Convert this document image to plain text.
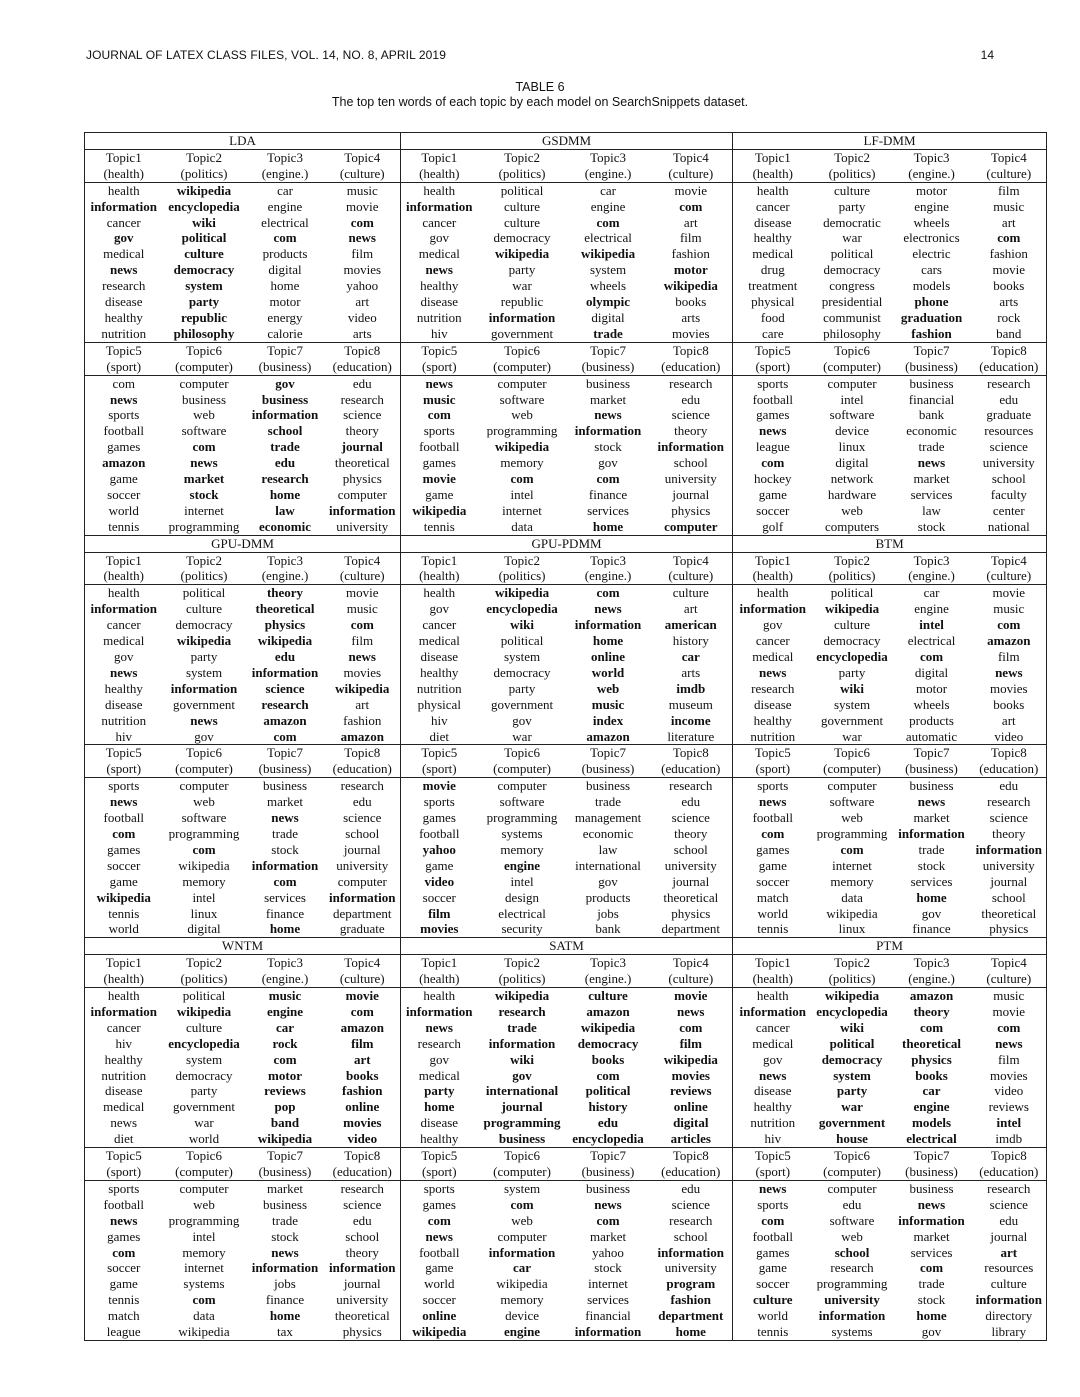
JOURNAL OF LATEX CLASS FILES, VOL. 14, NO. 8, APRIL 2019	14
TABLE 6
The top ten words of each topic by each model on SearchSnippets dataset.
LDA				GSDMM				LF-DMM			
Topic1	Topic2	Topic3	Topic4	Topic1	Topic2	Topic3	Topic4	Topic1	Topic2	Topic3	Topic4
(health)	(politics)	(engine.)	(culture)	(health)	(politics)	(engine.)	(culture)	(health)	(politics)	(engine.)	(culture)
health	wikipedia	car	music	health	political	car	movie	health	culture	motor	film
information	encyclopedia	engine	movie	information	culture	engine	com	cancer	party	engine	music
cancer	wiki	electrical	com	cancer	culture	com	art	disease	democratic	wheels	art
gov	political	com	news	gov	democracy	electrical	film	healthy	war	electronics	com
medical	culture	products	film	medical	wikipedia	wikipedia	fashion	medical	political	electric	fashion
news	democracy	digital	movies	news	party	system	motor	drug	democracy	cars	movie
research	system	home	yahoo	healthy	war	wheels	wikipedia	treatment	congress	models	books
disease	party	motor	art	disease	republic	olympic	books	physical	presidential	phone	arts
healthy	republic	energy	video	nutrition	information	digital	arts	food	communist	graduation	rock
nutrition	philosophy	calorie	arts	hiv	government	trade	movies	care	philosophy	fashion	band
Topic5	Topic6	Topic7	Topic8	Topic5	Topic6	Topic7	Topic8	Topic5	Topic6	Topic7	Topic8
(sport)	(computer)	(business)	(education)	(sport)	(computer)	(business)	(education)	(sport)	(computer)	(business)	(education)
com	computer	gov	edu	news	computer	business	research	sports	computer	business	research
news	business	business	research	music	software	market	edu	football	intel	financial	edu
sports	web	information	science	com	web	news	science	games	software	bank	graduate
football	software	school	theory	sports	programming	information	theory	news	device	economic	resources
games	com	trade	journal	football	wikipedia	stock	information	league	linux	trade	science
amazon	news	edu	theoretical	games	memory	gov	school	com	digital	news	university
game	market	research	physics	movie	com	com	university	hockey	network	market	school
soccer	stock	home	computer	game	intel	finance	journal	game	hardware	services	faculty
world	internet	law	information	wikipedia	internet	services	physics	soccer	web	law	center
tennis	programming	economic	university	tennis	data	home	computer	golf	computers	stock	national
GPU-DMM				GPU-PDMM				BTM			
Topic1	Topic2	Topic3	Topic4	Topic1	Topic2	Topic3	Topic4	Topic1	Topic2	Topic3	Topic4
(health)	(politics)	(engine.)	(culture)	(health)	(politics)	(engine.)	(culture)	(health)	(politics)	(engine.)	(culture)
health	political	theory	movie	health	wikipedia	com	culture	health	political	car	movie
information	culture	theoretical	music	gov	encyclopedia	news	art	information	wikipedia	engine	music
cancer	democracy	physics	com	cancer	wiki	information	american	gov	culture	intel	com
medical	wikipedia	wikipedia	film	medical	political	home	history	cancer	democracy	electrical	amazon
gov	party	edu	news	disease	system	online	car	medical	encyclopedia	com	film
news	system	information	movies	healthy	democracy	world	arts	news	party	digital	news
healthy	information	science	wikipedia	nutrition	party	web	imdb	research	wiki	motor	movies
disease	government	research	art	physical	government	music	museum	disease	system	wheels	books
nutrition	news	amazon	fashion	hiv	gov	index	income	healthy	government	products	art
hiv	gov	com	amazon	diet	war	amazon	literature	nutrition	war	automatic	video
Topic5	Topic6	Topic7	Topic8	Topic5	Topic6	Topic7	Topic8	Topic5	Topic6	Topic7	Topic8
(sport)	(computer)	(business)	(education)	(sport)	(computer)	(business)	(education)	(sport)	(computer)	(business)	(education)
sports	computer	business	research	movie	computer	business	research	sports	computer	business	edu
news	web	market	edu	sports	software	trade	edu	news	software	news	research
football	software	news	science	games	programming	management	science	football	web	market	science
com	programming	trade	school	football	systems	economic	theory	com	programming	information	theory
games	com	stock	journal	yahoo	memory	law	school	games	com	trade	information
soccer	wikipedia	information	university	game	engine	international	university	game	internet	stock	university
game	memory	com	computer	video	intel	gov	journal	soccer	memory	services	journal
wikipedia	intel	services	information	soccer	design	products	theoretical	match	data	home	school
tennis	linux	finance	department	film	electrical	jobs	physics	world	wikipedia	gov	theoretical
world	digital	home	graduate	movies	security	bank	department	tennis	linux	finance	physics
WNTM				SATM				PTM			
Topic1	Topic2	Topic3	Topic4	Topic1	Topic2	Topic3	Topic4	Topic1	Topic2	Topic3	Topic4
(health)	(politics)	(engine.)	(culture)	(health)	(politics)	(engine.)	(culture)	(health)	(politics)	(engine.)	(culture)
health	political	music	movie	health	wikipedia	culture	movie	health	wikipedia	amazon	music
information	wikipedia	engine	com	information	research	amazon	news	information	encyclopedia	theory	movie
cancer	culture	car	amazon	news	trade	wikipedia	com	cancer	wiki	com	com
hiv	encyclopedia	rock	film	research	information	democracy	film	medical	political	theoretical	news
healthy	system	com	art	gov	wiki	books	wikipedia	gov	democracy	physics	film
nutrition	democracy	motor	books	medical	gov	com	movies	news	system	books	movies
disease	party	reviews	fashion	party	international	political	reviews	disease	party	car	video
medical	government	pop	online	home	journal	history	online	healthy	war	engine	reviews
news	war	band	movies	disease	programming	edu	digital	nutrition	government	models	intel
diet	world	wikipedia	video	healthy	business	encyclopedia	articles	hiv	house	electrical	imdb
Topic5	Topic6	Topic7	Topic8	Topic5	Topic6	Topic7	Topic8	Topic5	Topic6	Topic7	Topic8
(sport)	(computer)	(business)	(education)	(sport)	(computer)	(business)	(education)	(sport)	(computer)	(business)	(education)
sports	computer	market	research	sports	system	business	edu	news	computer	business	research
football	web	business	science	games	com	news	science	sports	edu	news	science
news	programming	trade	edu	com	web	com	research	com	software	information	edu
games	intel	stock	school	news	computer	market	school	football	web	market	journal
com	memory	news	theory	football	information	yahoo	information	games	school	services	art
soccer	internet	information	information	game	car	stock	university	game	research	com	resources
game	systems	jobs	journal	world	wikipedia	internet	program	soccer	programming	trade	culture
tennis	com	finance	university	soccer	memory	services	fashion	culture	university	stock	information
match	data	home	theoretical	online	device	financial	department	world	information	home	directory
league	wikipedia	tax	physics	wikipedia	engine	information	home	tennis	systems	gov	library
